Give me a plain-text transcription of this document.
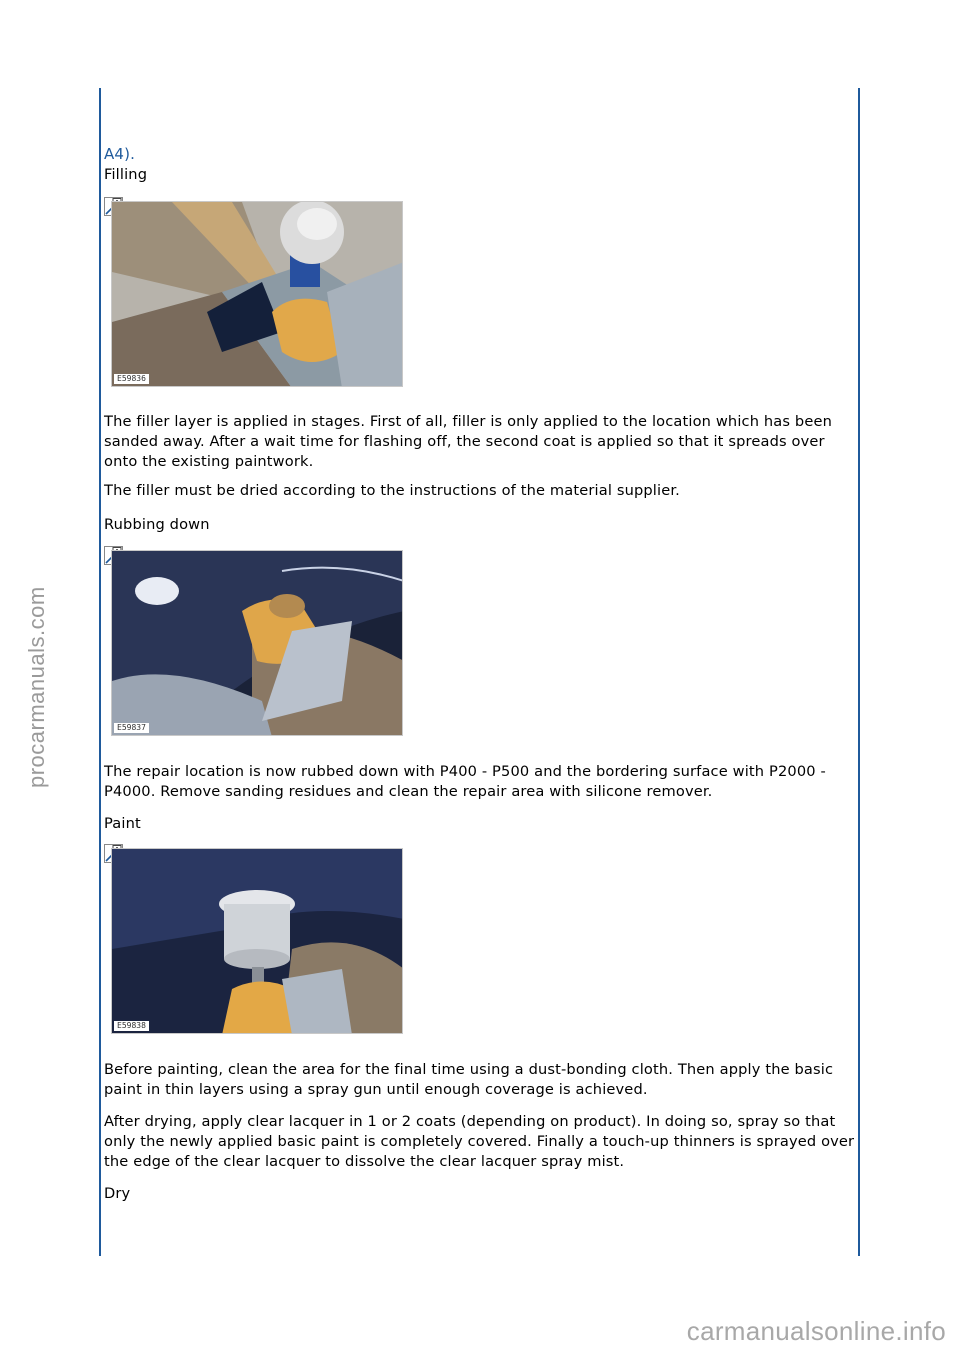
A4).
Filling
E59836

The filler layer is applied in stages. First of all, filler is only applied to the location which has been sanded away. After a wait time for flashing off, the second coat is applied so that it spreads over onto the existing paintwork.

The filler must be dried according to the instructions of the material supplier.

Rubbing down
E59837

The repair location is now rubbed down with P400 - P500 and the bordering surface with P2000 - P4000. Remove sanding residues and clean the repair area with silicone remover.

Paint
E59838

Before painting, clean the area for the final time using a dust-bonding cloth. Then apply the basic paint in thin layers using a spray gun until enough coverage is achieved.

After drying, apply clear lacquer in 1 or 2 coats (depending on product). In doing so, spray so that only the newly applied basic paint is completely covered. Finally a touch-up thinners is sprayed over the edge of the clear lacquer to dissolve the clear lacquer spray mist.

Dry
procarmanuals.com
carmanualsonline.info
